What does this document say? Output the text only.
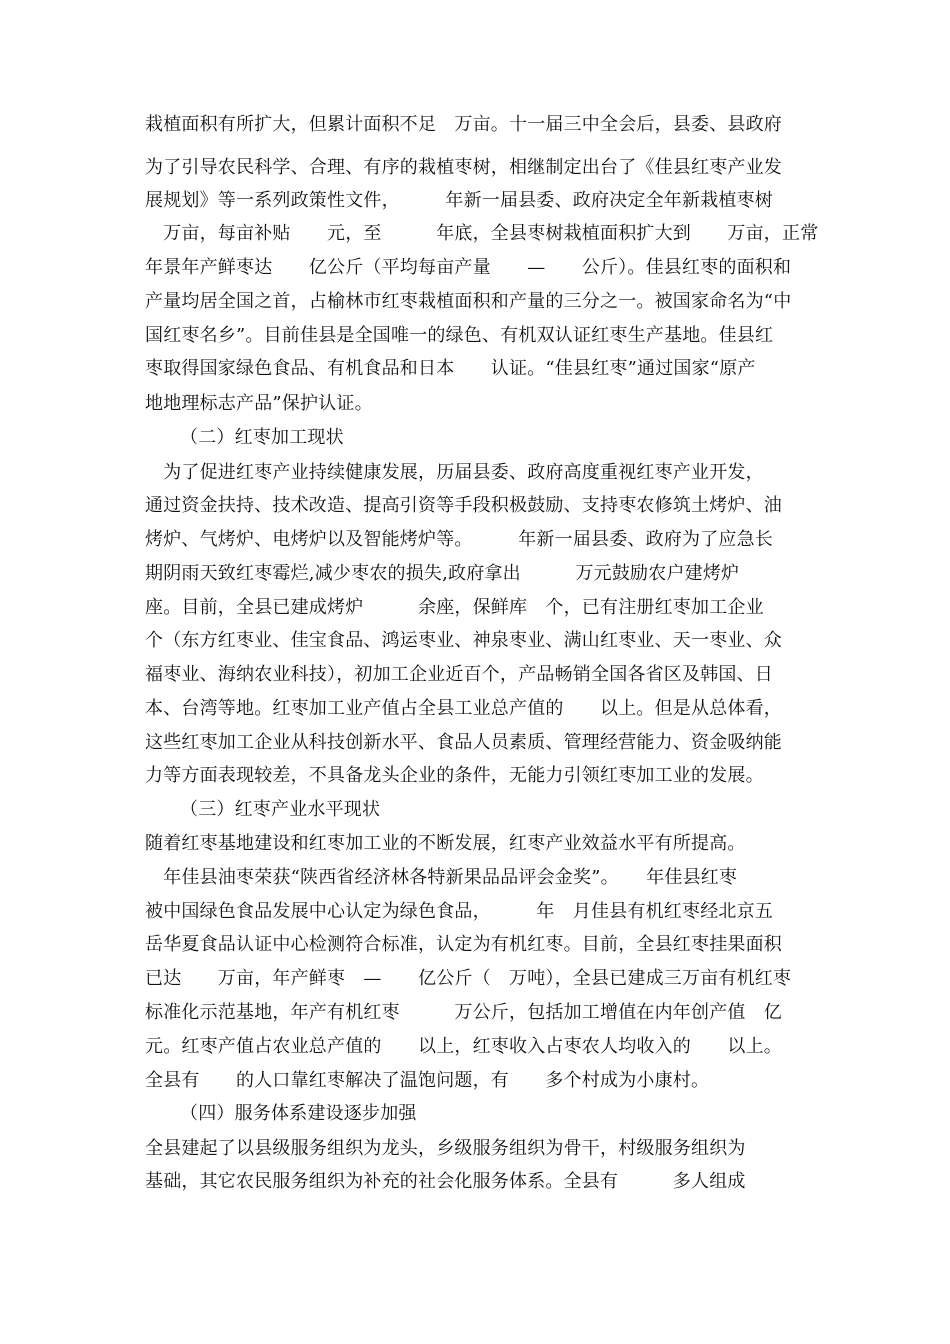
栽植面积有所扩大，但累计面积不足　万亩。十一届三中全会后，县委、县政府
为了引导农民科学、合理、有序的栽植枣树，相继制定出台了《佳县红枣产业发
展规划》等一系列政策性文件，　　　年新一届县委、政府决定全年新栽植枣树
　万亩，每亩补贴　　元，至　　　年底，全县枣树栽植面积扩大到　　万亩，正常
年景年产鲜枣达　　亿公斤（平均每亩产量　　—　　公斤）。佳县红枣的面积和
产量均居全国之首，占榆林市红枣栽植面积和产量的三分之一。被国家命名为“中
国红枣名乡”。目前佳县是全国唯一的绿色、有机双认证红枣生产基地。佳县红
枣取得国家绿色食品、有机食品和日本　　认证。“佳县红枣”通过国家“原产
地地理标志产品”保护认证。
（二）红枣加工现状
　为了促进红枣产业持续健康发展，历届县委、政府高度重视红枣产业开发，
通过资金扶持、技术改造、提高引资等手段积极鼓励、支持枣农修筑土烤炉、油
烤炉、气烤炉、电烤炉以及智能烤炉等。　　　年新一届县委、政府为了应急长
期阴雨天致红枣霉烂,减少枣农的损失,政府拿出　　　万元鼓励农户建烤炉
座。目前，全县已建成烤炉　　　余座，保鲜库　个，已有注册红枣加工企业
个（东方红枣业、佳宝食品、鸿运枣业、神泉枣业、满山红枣业、天一枣业、众
福枣业、海纳农业科技），初加工企业近百个，产品畅销全国各省区及韩国、日
本、台湾等地。红枣加工业产值占全县工业总产值的　　以上。但是从总体看，
这些红枣加工企业从科技创新水平、食品人员素质、管理经营能力、资金吸纳能
力等方面表现较差，不具备龙头企业的条件，无能力引领红枣加工业的发展。
（三）红枣产业水平现状
随着红枣基地建设和红枣加工业的不断发展，红枣产业效益水平有所提高。
　年佳县油枣荣获“陕西省经济林各特新果品品评会金奖”。　　年佳县红枣
被中国绿色食品发展中心认定为绿色食品，　　　年　月佳县有机红枣经北京五
岳华夏食品认证中心检测符合标准，认定为有机红枣。目前，全县红枣挂果面积
已达　　万亩，年产鲜枣　—　　亿公斤（　万吨），全县已建成三万亩有机红枣
标准化示范基地，年产有机红枣　　　万公斤，包括加工增值在内年创产值　亿
元。红枣产值占农业总产值的　　以上，红枣收入占枣农人均收入的　　以上。
全县有　　的人口靠红枣解决了温饱问题，有　　多个村成为小康村。
（四）服务体系建设逐步加强
全县建起了以县级服务组织为龙头，乡级服务组织为骨干，村级服务组织为
基础，其它农民服务组织为补充的社会化服务体系。全县有　　　多人组成
